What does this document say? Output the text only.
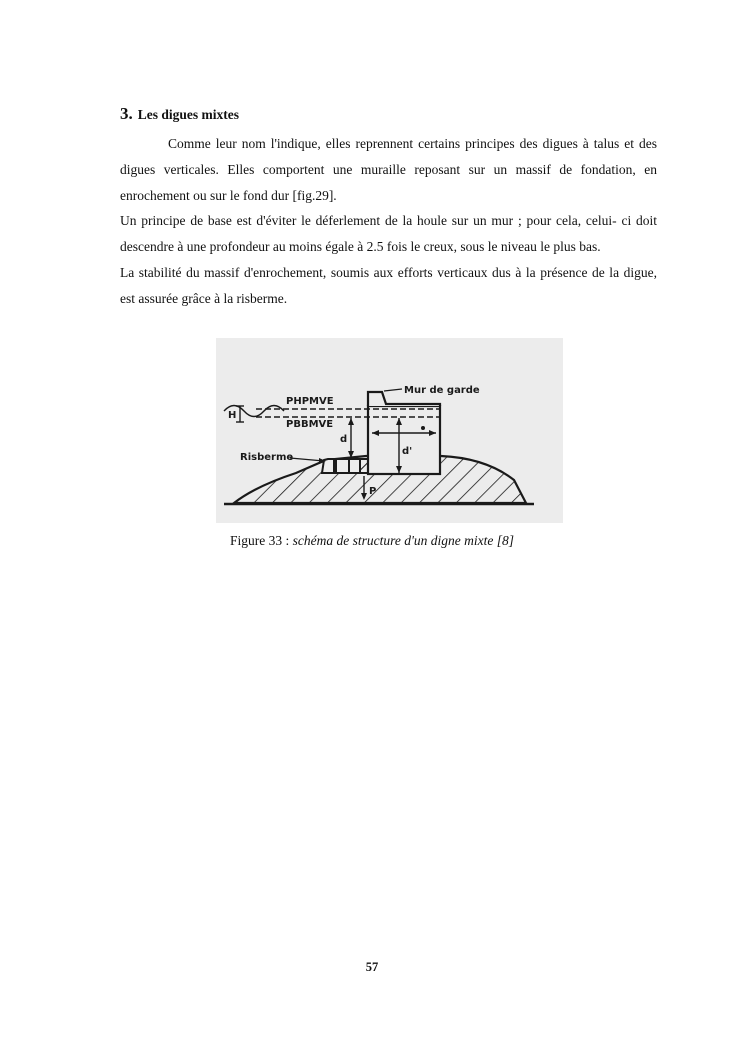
3. Les digues mixtes

Comme leur nom l'indique, elles reprennent certains principes des digues à talus et des digues verticales. Elles comportent une muraille reposant sur un massif de fondation, en enrochement ou sur le fond dur [fig.29].

Un principe de base est d'éviter le déferlement de la houle sur un mur ; pour cela, celui- ci doit descendre à une profondeur au moins égale à 2.5 fois le creux, sous le niveau le plus bas.

La stabilité du massif d'enrochement, soumis aux efforts verticaux dus à la présence de la digue, est assurée grâce à la risberme.

Mur de garde
PHPMVE
PBBMVE
H
d
d'
Risberme
P
Figure 33 : schéma de structure d'un digne mixte [8]
57
